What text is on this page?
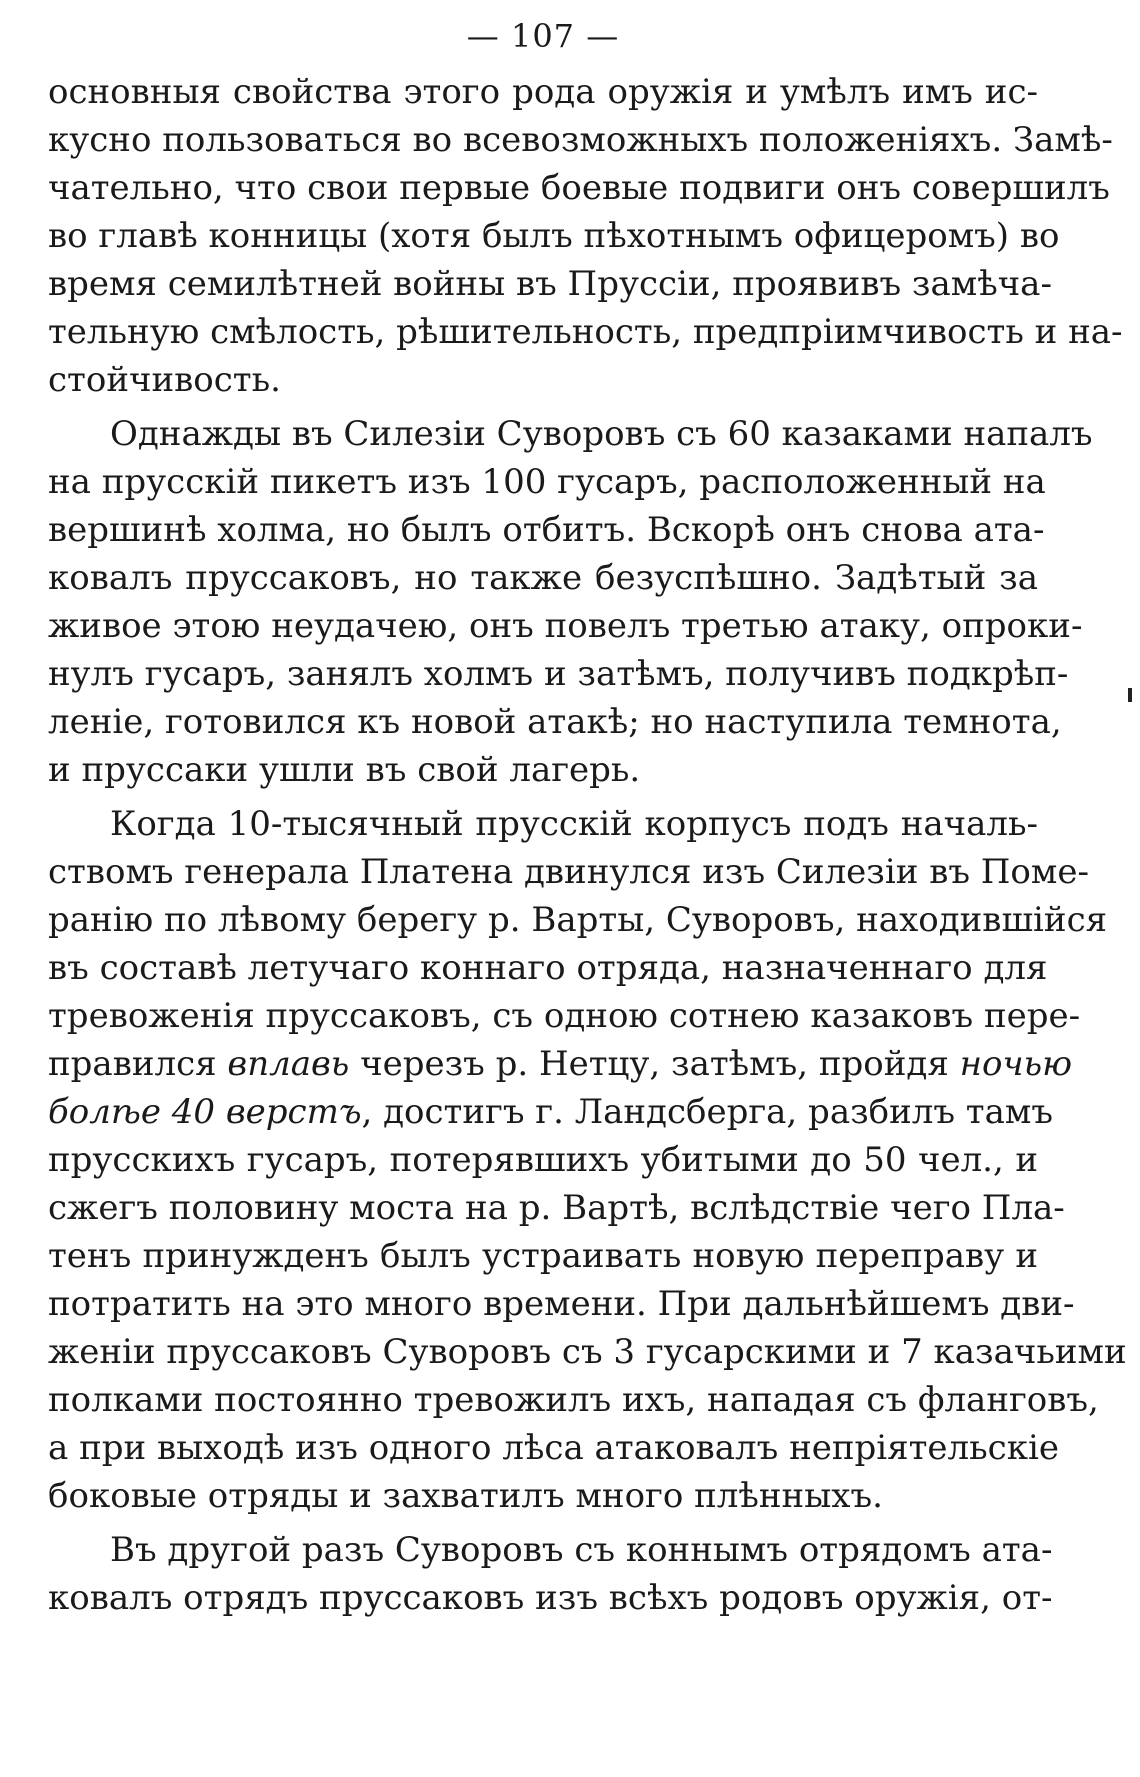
— 107 —
основныя свойства этого рода оружія и умѣлъ имъ ис-
кусно пользоваться во всевозможныхъ положеніяхъ. Замѣ-
чательно, что свои первые боевые подвиги онъ совершилъ
во главѣ конницы (хотя былъ пѣхотнымъ офицеромъ) во
время семилѣтней войны въ Пруссіи, проявивъ замѣча-
тельную смѣлость, рѣшительность, предпріимчивость и на-
стойчивость.
Однажды въ Силезіи Суворовъ съ 60 казаками напалъ
на прусскій пикетъ изъ 100 гусаръ, расположенный на
вершинѣ холма, но былъ отбитъ. Вскорѣ онъ снова ата-
ковалъ пруссаковъ, но также безуспѣшно. Задѣтый за
живое этою неудачею, онъ повелъ третью атаку, опроки-
нулъ гусаръ, занялъ холмъ и затѣмъ, получивъ подкрѣп-
леніе, готовился къ новой атакѣ; но наступила темнота,
и пруссаки ушли въ свой лагерь.
Когда 10-тысячный прусскій корпусъ подъ началь-
ствомъ генерала Платена двинулся изъ Силезіи въ Помe-
ранію по лѣвому берегу р. Варты, Суворовъ, находившійся
въ составѣ летучаго коннаго отряда, назначеннаго для
тревоженія пруссаковъ, съ одною сотнею казаковъ пере-
правился вплавь черезъ р. Нетцу, затѣмъ, пройдя ночью
болѣе 40 верстъ, достигъ г. Ландсберга, разбилъ тамъ
прусскихъ гусаръ, потерявшихъ убитыми до 50 чел., и
сжегъ половину моста на р. Вартѣ, вслѣдствіе чего Пла-
тенъ принужденъ былъ устраивать новую переправу и
потратить на это много времени. При дальнѣйшемъ дви-
женіи пруссаковъ Суворовъ съ 3 гусарскими и 7 казачьими
полками постоянно тревожилъ ихъ, нападая съ фланговъ,
а при выходѣ изъ одного лѣса атаковалъ непріятельскіе
боковые отряды и захватилъ много плѣнныхъ.
Въ другой разъ Суворовъ съ коннымъ отрядомъ ата-
ковалъ отрядъ пруссаковъ изъ всѣхъ родовъ оружія, от-
